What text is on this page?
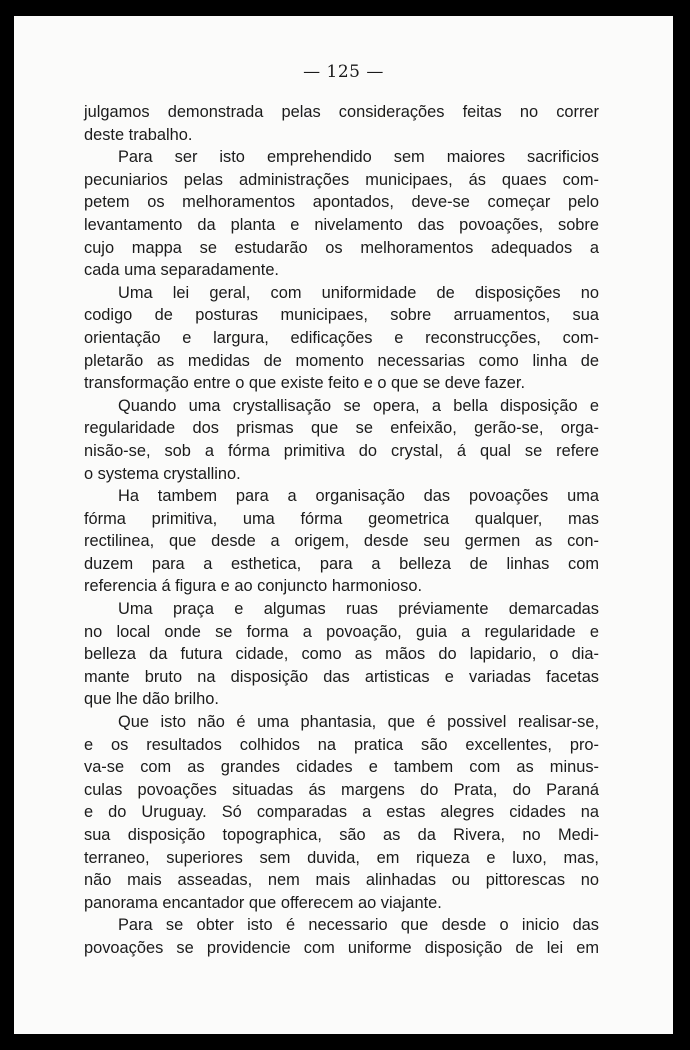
— 125 —

julgamos demonstrada pelas considerações feitas no correr

deste trabalho.

Para ser isto emprehendido sem maiores sacrificios

pecuniarios pelas administrações municipaes, ás quaes com-

petem os melhoramentos apontados, deve-se começar pelo

levantamento da planta e nivelamento das povoações, sobre

cujo mappa se estudarão os melhoramentos adequados a

cada uma separadamente.

Uma lei geral, com uniformidade de disposições no

codigo de posturas municipaes, sobre arruamentos, sua

orientação e largura, edificações e reconstrucções, com-

pletarão as medidas de momento necessarias como linha de

transformação entre o que existe feito e o que se deve fazer.

Quando uma crystallisação se opera, a bella disposição e

regularidade dos prismas que se enfeixão, gerão-se, orga-

nisão-se, sob a fórma primitiva do crystal, á qual se refere

o systema crystallino.

Ha tambem para a organisação das povoações uma

fórma primitiva, uma fórma geometrica qualquer, mas

rectilinea, que desde a origem, desde seu germen as con-

duzem para a esthetica, para a belleza de linhas com

referencia á figura e ao conjuncto harmonioso.

Uma praça e algumas ruas préviamente demarcadas

no local onde se forma a povoação, guia a regularidade e

belleza da futura cidade, como as mãos do lapidario, o dia-

mante bruto na disposição das artisticas e variadas facetas

que lhe dão brilho.

Que isto não é uma phantasia, que é possivel realisar-se,

e os resultados colhidos na pratica são excellentes, pro-

va-se com as grandes cidades e tambem com as minus-

culas povoações situadas ás margens do Prata, do Paraná

e do Uruguay. Só comparadas a estas alegres cidades na

sua disposição topographica, são as da Rivera, no Medi-

terraneo, superiores sem duvida, em riqueza e luxo, mas,

não mais asseadas, nem mais alinhadas ou pittorescas no

panorama encantador que offerecem ao viajante.

Para se obter isto é necessario que desde o inicio das

povoações se providencie com uniforme disposição de lei em
